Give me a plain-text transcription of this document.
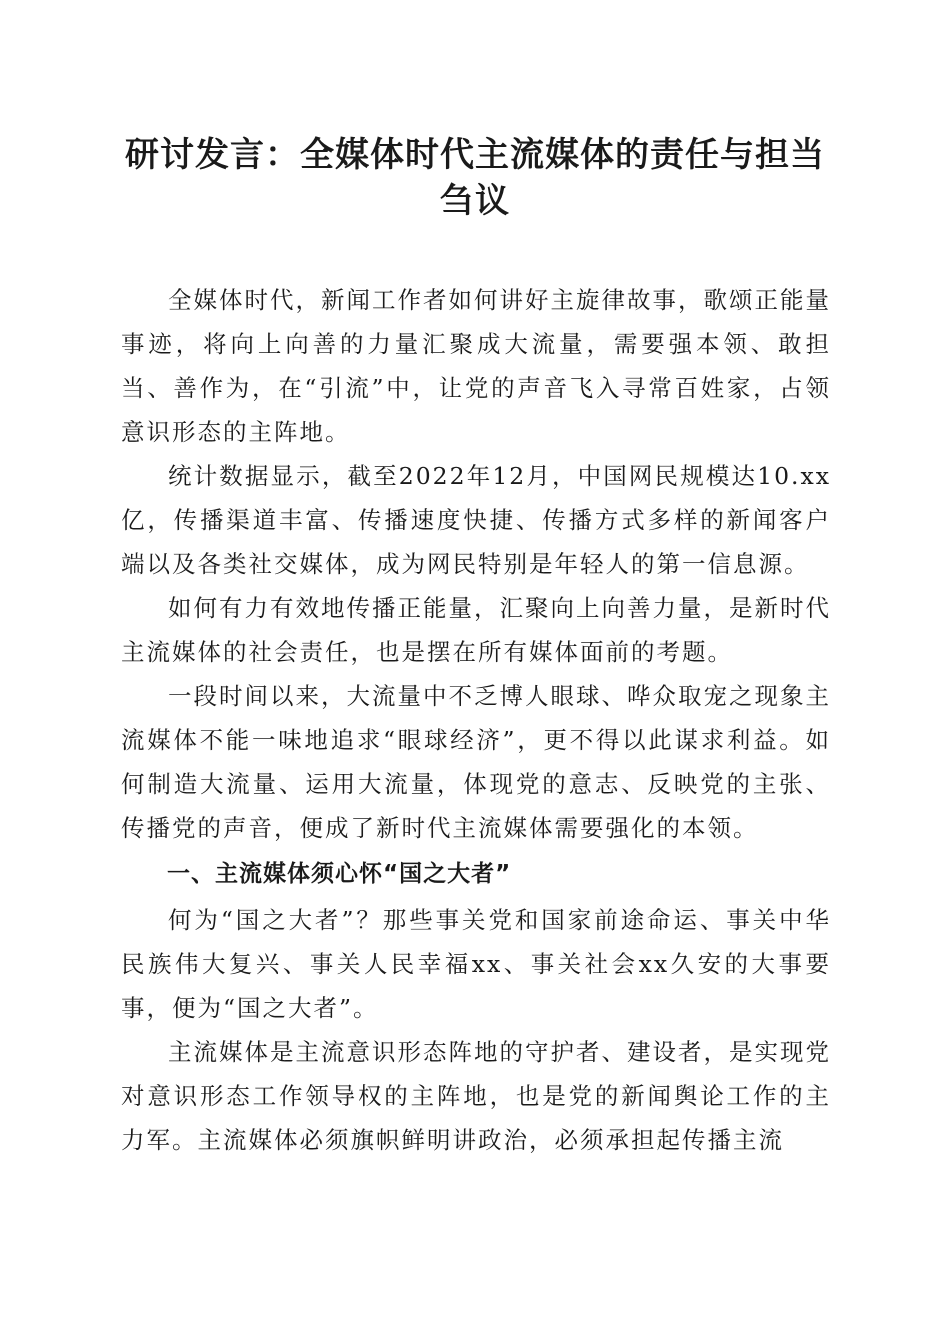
研讨发言：全媒体时代主流媒体的责任与担当
刍议

全媒体时代，新闻工作者如何讲好主旋律故事，歌颂正能量事迹，将向上向善的力量汇聚成大流量，需要强本领、敢担当、善作为，在“引流”中，让党的声音飞入寻常百姓家，占领意识形态的主阵地。

统计数据显示，截至2022年12月，中国网民规模达10.xx亿，传播渠道丰富、传播速度快捷、传播方式多样的新闻客户端以及各类社交媒体，成为网民特别是年轻人的第一信息源。

如何有力有效地传播正能量，汇聚向上向善力量，是新时代主流媒体的社会责任，也是摆在所有媒体面前的考题。

一段时间以来，大流量中不乏博人眼球、哗众取宠之现象主流媒体不能一味地追求“眼球经济”，更不得以此谋求利益。如何制造大流量、运用大流量，体现党的意志、反映党的主张、传播党的声音，便成了新时代主流媒体需要强化的本领。

一、主流媒体须心怀“国之大者”

何为“国之大者”？那些事关党和国家前途命运、事关中华民族伟大复兴、事关人民幸福xx、事关社会xx久安的大事要事，便为“国之大者”。

主流媒体是主流意识形态阵地的守护者、建设者，是实现党对意识形态工作领导权的主阵地，也是党的新闻舆论工作的主力军。主流媒体必须旗帜鲜明讲政治，必须承担起传播主流
